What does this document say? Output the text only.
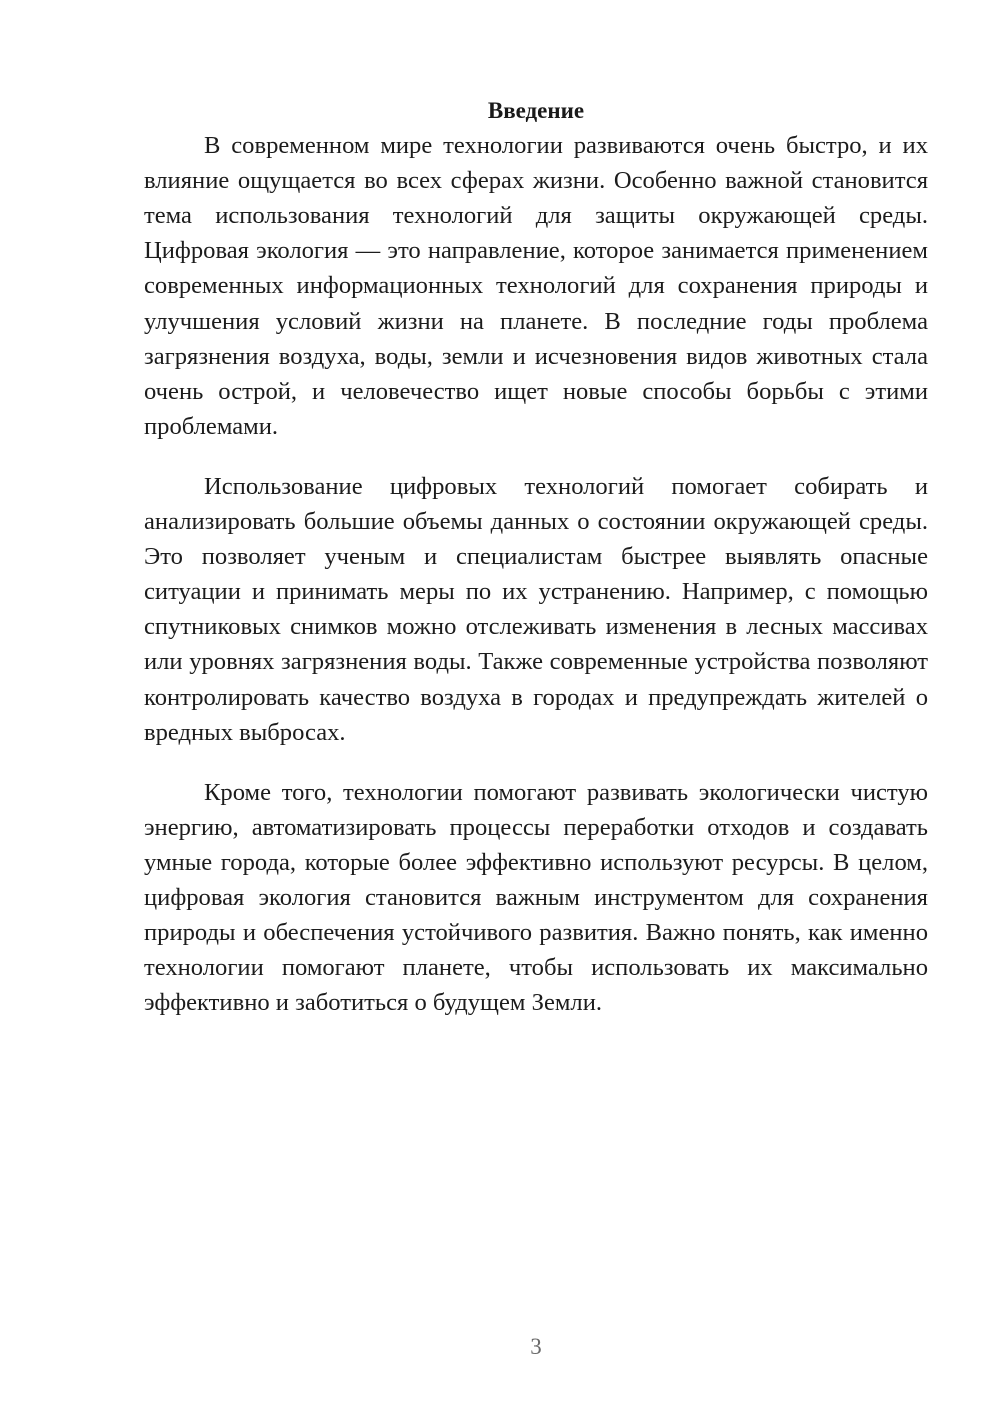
Введение

В современном мире технологии развиваются очень быстро, и их влияние ощущается во всех сферах жизни. Особенно важной становится тема использования технологий для защиты окружающей среды. Цифровая экология — это направление, которое занимается применением современных информационных технологий для сохранения природы и улучшения условий жизни на планете. В последние годы проблема загрязнения воздуха, воды, земли и исчезновения видов животных стала очень острой, и человечество ищет новые способы борьбы с этими проблемами.

Использование цифровых технологий помогает собирать и анализировать большие объемы данных о состоянии окружающей среды. Это позволяет ученым и специалистам быстрее выявлять опасные ситуации и принимать меры по их устранению. Например, с помощью спутниковых снимков можно отслеживать изменения в лесных массивах или уровнях загрязнения воды. Также современные устройства позволяют контролировать качество воздуха в городах и предупреждать жителей о вредных выбросах.

Кроме того, технологии помогают развивать экологически чистую энергию, автоматизировать процессы переработки отходов и создавать умные города, которые более эффективно используют ресурсы. В целом, цифровая экология становится важным инструментом для сохранения природы и обеспечения устойчивого развития. Важно понять, как именно технологии помогают планете, чтобы использовать их максимально эффективно и заботиться о будущем Земли.

3
